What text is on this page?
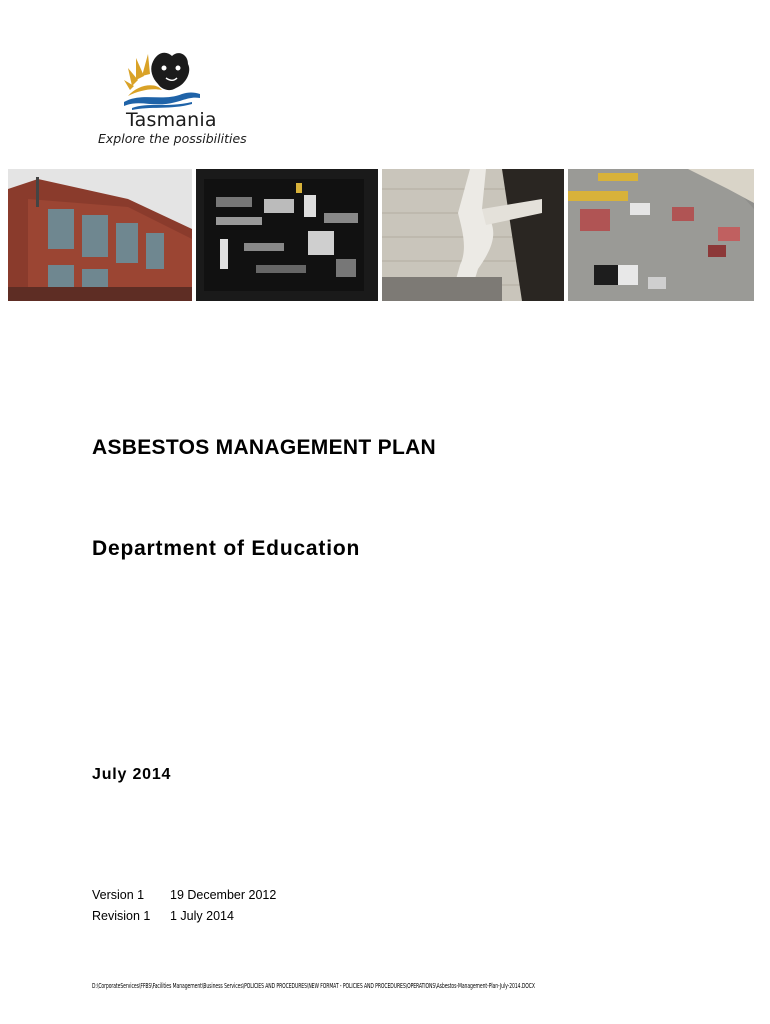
Tasmania
Explore the possibilities
ASBESTOS MANAGEMENT PLAN
Department of Education
July 2014
Version 1 19 December 2012
Revision 1 1 July 2014
D:\CorporateServices\FFBS\Facilities Management\Business Services\POLICIES AND PROCEDURES\NEW FORMAT - POLICIES AND PROCEDURES\OPERATIONS\Asbestos-Management-Plan-July-2014.DOCX
